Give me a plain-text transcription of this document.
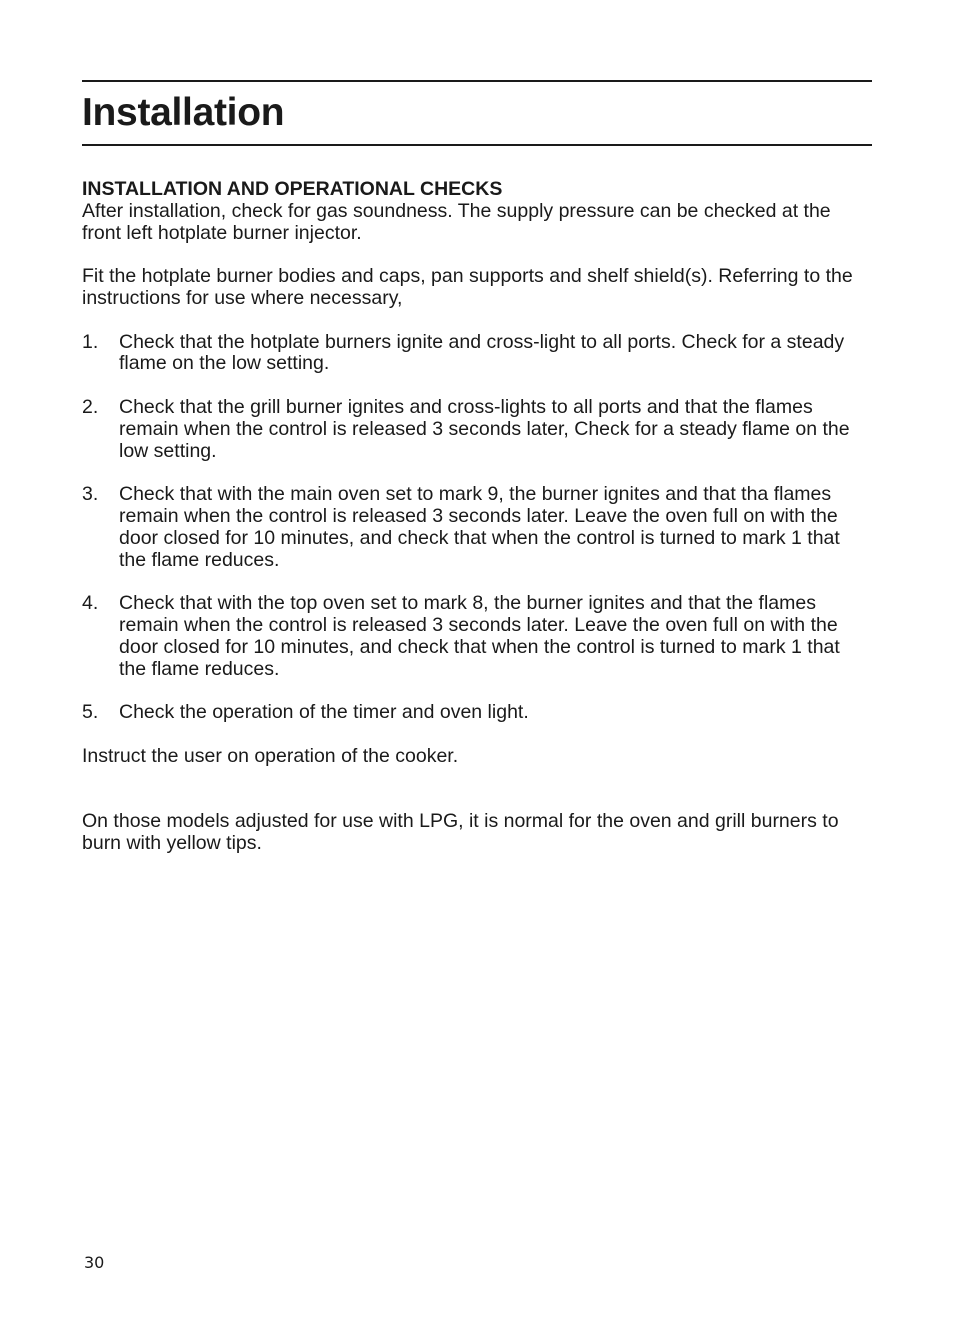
Installation

INSTALLATION AND OPERATIONAL CHECKS

After installation, check for gas soundness. The supply pressure can be checked at the front left hotplate burner injector.

Fit the hotplate burner bodies and caps, pan supports and shelf shield(s). Referring to the instructions for use where necessary,

1.	Check that the hotplate burners ignite and cross-light to all ports. Check for a steady flame on the low setting.
2.	Check that the grill burner ignites and cross-lights to all ports and that the flames remain when the control is released 3 seconds later, Check for a steady flame on the low setting.
3.	Check that with the main oven set to mark 9, the burner ignites and that tha flames remain when the control is released 3 seconds later. Leave the oven full on with the door closed for 10 minutes, and check that when the control is turned to mark 1 that the flame reduces.
4.	Check that with the top oven set to mark 8, the burner ignites and that the flames remain when the control is released 3 seconds later. Leave the oven full on with the door closed for 10 minutes, and check that when the control is turned to mark 1 that the flame reduces.
5.	Check the operation of the timer and oven light.

Instruct the user on operation of the cooker.

On those models adjusted for use with LPG, it is normal for the oven and grill burners to burn with yellow tips.

30
